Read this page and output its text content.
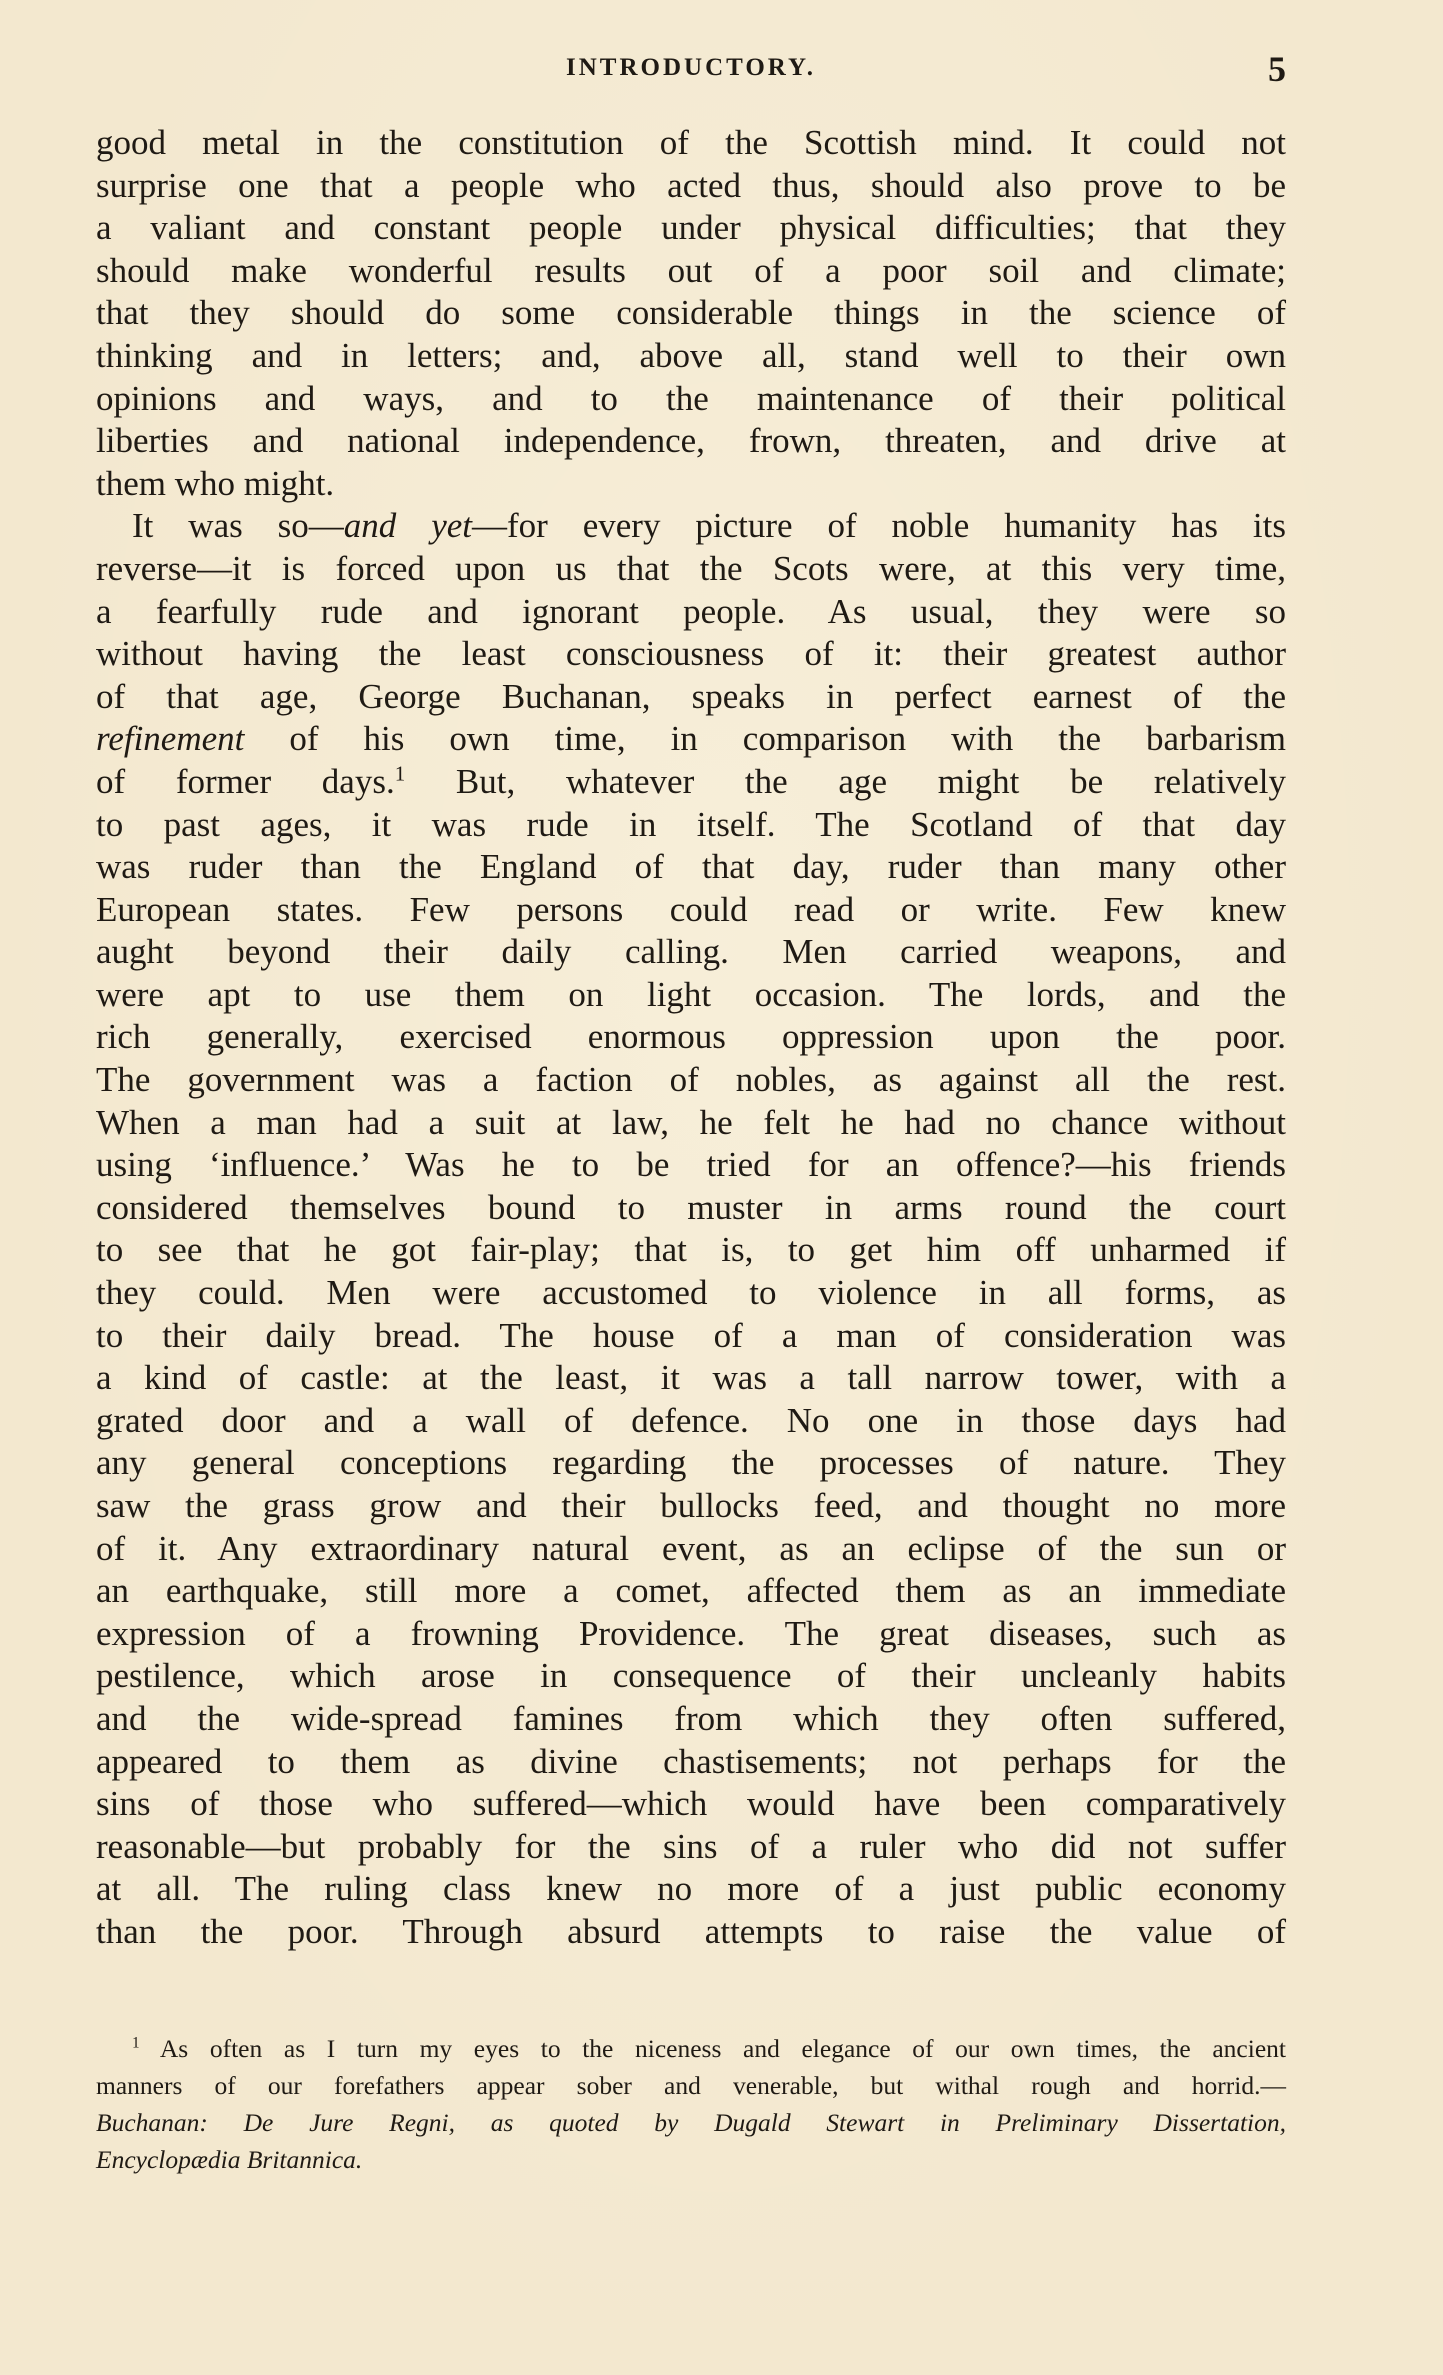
INTRODUCTORY.	5
good metal in the constitution of the Scottish mind. It could not
surprise one that a people who acted thus, should also prove to be
a valiant and constant people under physical difficulties; that they
should make wonderful results out of a poor soil and climate;
that they should do some considerable things in the science of
thinking and in letters; and, above all, stand well to their own
opinions and ways, and to the maintenance of their political
liberties and national independence, frown, threaten, and drive at
them who might.
It was so—and yet—for every picture of noble humanity has its
reverse—it is forced upon us that the Scots were, at this very time,
a fearfully rude and ignorant people. As usual, they were so
without having the least consciousness of it: their greatest author
of that age, George Buchanan, speaks in perfect earnest of the
refinement of his own time, in comparison with the barbarism
of former days.$^1$ But, whatever the age might be relatively
to past ages, it was rude in itself. The Scotland of that day
was ruder than the England of that day, ruder than many other
European states. Few persons could read or write. Few knew
aught beyond their daily calling. Men carried weapons, and
were apt to use them on light occasion. The lords, and the
rich generally, exercised enormous oppression upon the poor.
The government was a faction of nobles, as against all the rest.
When a man had a suit at law, he felt he had no chance without
using ‘influence.’ Was he to be tried for an offence?—his friends
considered themselves bound to muster in arms round the court
to see that he got fair-play; that is, to get him off unharmed if
they could. Men were accustomed to violence in all forms, as
to their daily bread. The house of a man of consideration was
a kind of castle: at the least, it was a tall narrow tower, with a
grated door and a wall of defence. No one in those days had
any general conceptions regarding the processes of nature. They
saw the grass grow and their bullocks feed, and thought no more
of it. Any extraordinary natural event, as an eclipse of the sun or
an earthquake, still more a comet, affected them as an immediate
expression of a frowning Providence. The great diseases, such as
pestilence, which arose in consequence of their uncleanly habits
and the wide-spread famines from which they often suffered,
appeared to them as divine chastisements; not perhaps for the
sins of those who suffered—which would have been comparatively
reasonable—but probably for the sins of a ruler who did not suffer
at all. The ruling class knew no more of a just public economy
than the poor. Through absurd attempts to raise the value of
$^1$ As often as I turn my eyes to the niceness and elegance of our own times, the ancient
manners of our forefathers appear sober and venerable, but withal rough and horrid.—
Buchanan: De Jure Regni, as quoted by Dugald Stewart in Preliminary Dissertation,
Encyclopædia Britannica.
